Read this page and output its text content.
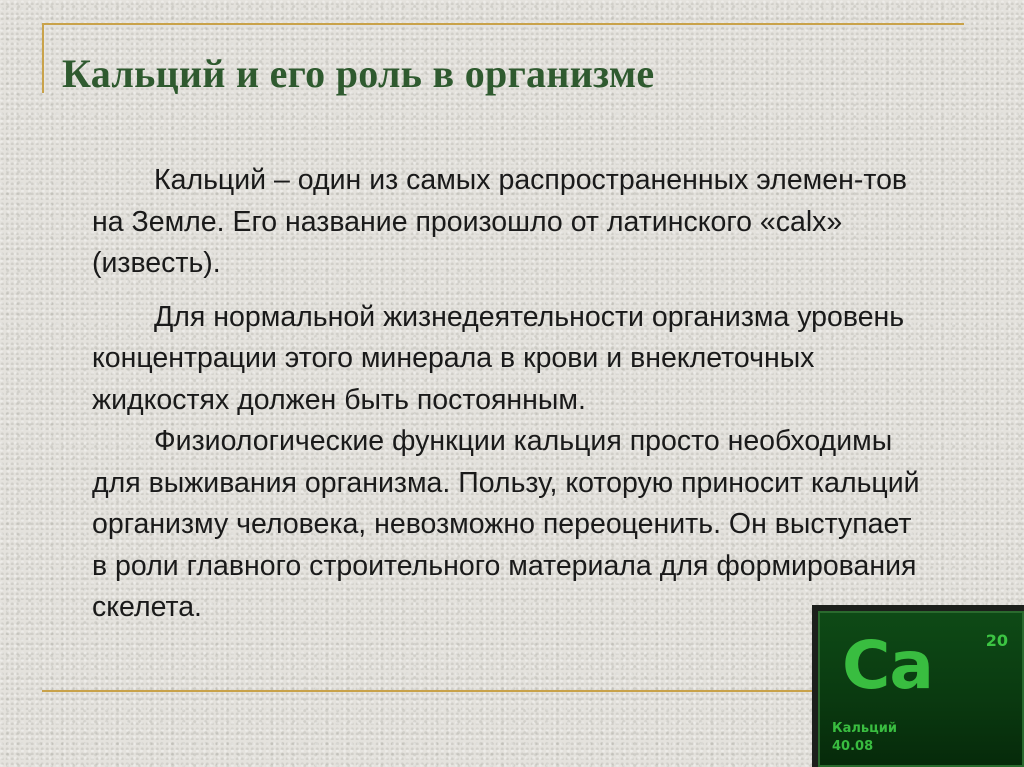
Кальций и его роль в организме

Кальций – один из самых распространенных элемен-тов на Земле. Его название произошло от латинского «calx» (известь).

Для нормальной жизнедеятельности организма уровень концентрации этого минерала в крови и внеклеточных жидкостях должен быть постоянным.

Физиологические функции кальция просто необходимы для выживания организма. Пользу, которую приносит кальций организму человека, невозможно переоценить. Он выступает в роли главного строительного материала для формирования скелета.

20
Ca
Кальций
40.08
